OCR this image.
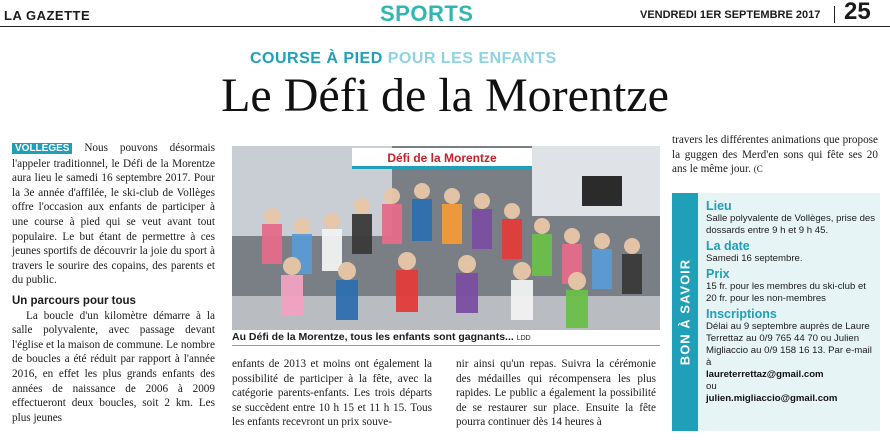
LA GAZETTE	SPORTS	VENDREDI 1ER SEPTEMBRE 2017 25
COURSE À PIED POUR LES ENFANTS
Le Défi de la Morentze

VOLLÈGES Nous pouvons désormais l'appeler traditionnel, le Défi de la Morentze aura lieu le samedi 16 septembre 2017. Pour la 3e année d'affilée, le ski-club de Vollèges offre l'occasion aux enfants de participer à une course à pied qui se veut avant tout populaire. Le but étant de permettre à ces jeunes sportifs de découvrir la joie du sport à travers le sourire des copains, des parents et du public.

Un parcours pour tous

La boucle d'un kilomètre démarre à la salle polyvalente, avec passage devant l'église et la maison de commune. Le nombre de boucles a été réduit par rapport à l'année 2016, en effet les plus grands enfants des années de naissance de 2006 à 2009 effectueront deux boucles, soit 2 km. Les plus jeunes

Défi de la Morentze
Au Défi de la Morentze, tous les enfants sont gagnants... LDD

enfants de 2013 et moins ont également la possibilité de participer à la fête, avec la catégorie parents-enfants. Les trois départs se succèdent entre 10 h 15 et 11 h 15. Tous les enfants recevront un prix souve-

nir ainsi qu'un repas. Suivra la cérémonie des médailles qui récompensera les plus rapides. Le public a également la possibilité de se restaurer sur place. Ensuite la fête pourra continuer dès 14 heures à

travers les différentes animations que propose la guggen des Merd'en sons qui fête ses 20 ans le même jour. (C

BON À SAVOIR

Lieu

Salle polyvalente de Vollèges, prise des dossards entre 9 h et 9 h 45.

La date

Samedi 16 septembre.

Prix

15 fr. pour les membres du ski-club et 20 fr. pour les non-membres

Inscriptions

Délai au 9 septembre auprès de Laure Terrettaz au 0/9 765 44 70 ou Julien Migliaccio au 0/9 158 16 13. Par e-mail à

laureterrettaz@gmail.com

ou

julien.migliaccio@gmail.com
